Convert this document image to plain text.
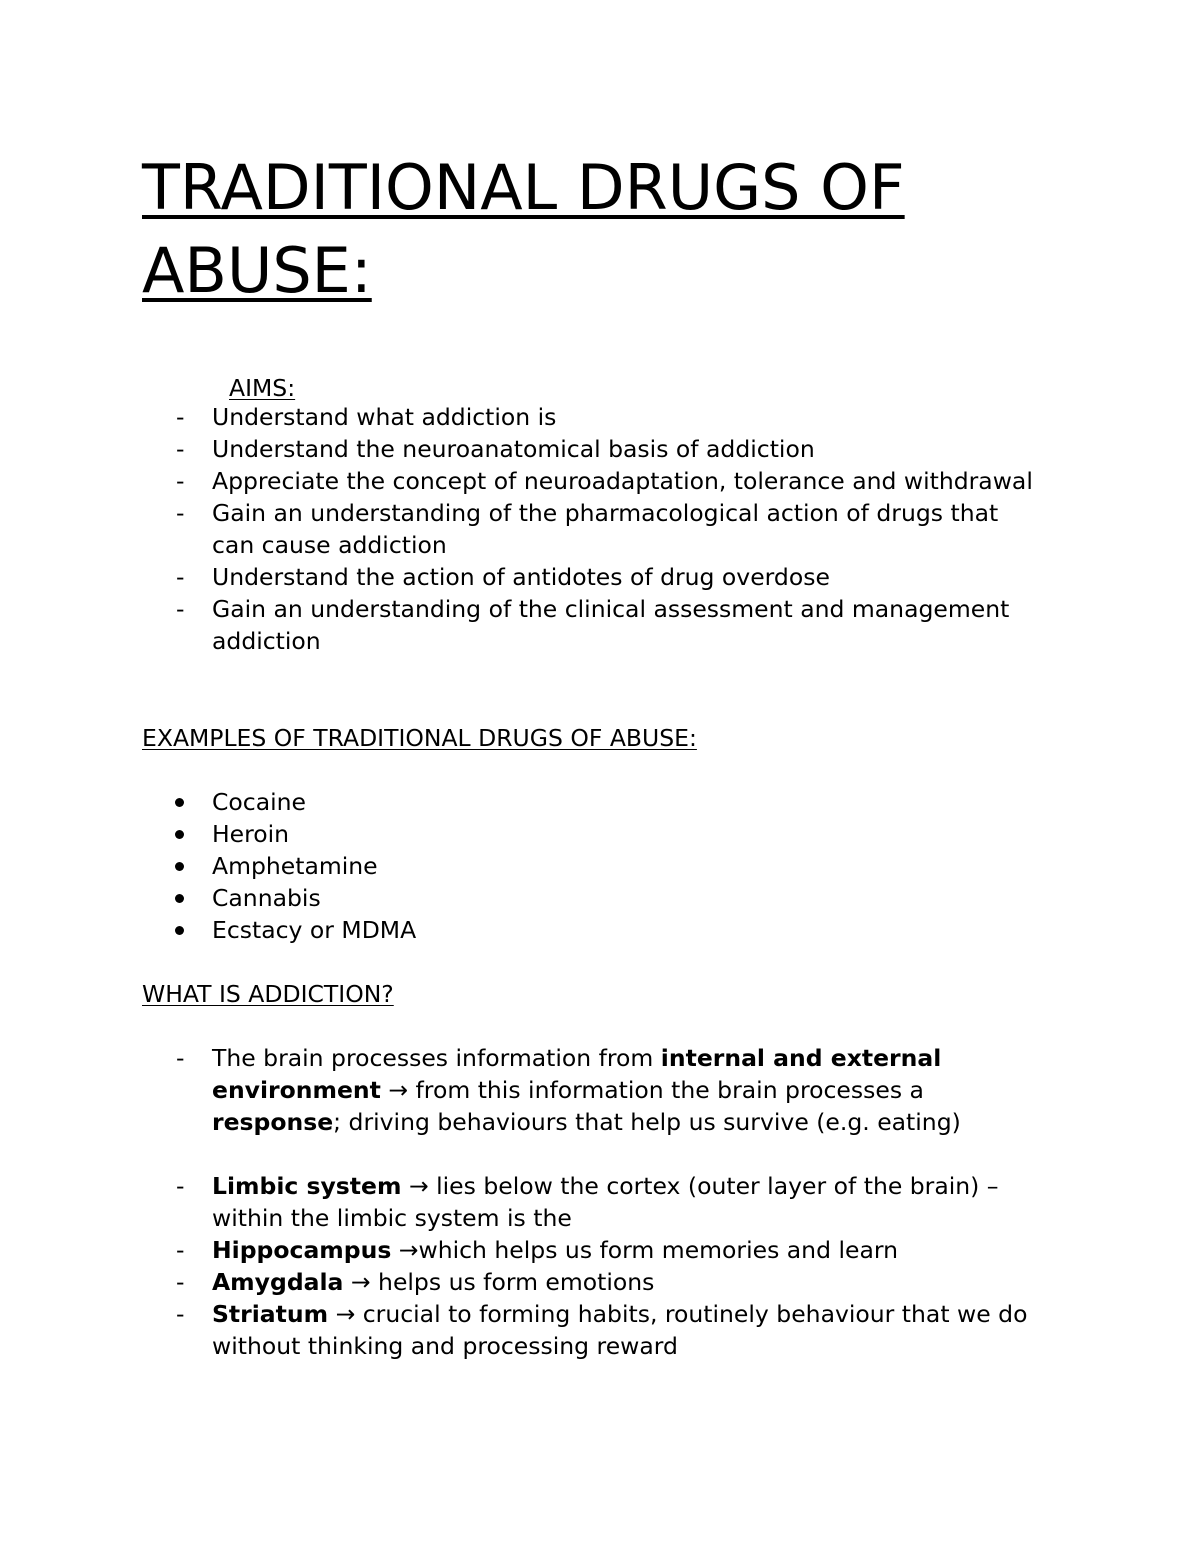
TRADITIONAL DRUGS OF ABUSE:
AIMS:
- Understand what addiction is
- Understand the neuroanatomical basis of addiction
- Appreciate the concept of neuroadaptation, tolerance and withdrawal
- Gain an understanding of the pharmacological action of drugs that can cause addiction
- Understand the action of antidotes of drug overdose
- Gain an understanding of the clinical assessment and management addiction
EXAMPLES OF TRADITIONAL DRUGS OF ABUSE:
Cocaine
Heroin
Amphetamine
Cannabis
Ecstacy or MDMA
WHAT IS ADDICTION?
- The brain processes information from internal and external environment → from this information the brain processes a response; driving behaviours that help us survive (e.g. eating)
- Limbic system → lies below the cortex (outer layer of the brain) – within the limbic system is the
- Hippocampus →which helps us form memories and learn
- Amygdala → helps us form emotions
- Striatum → crucial to forming habits, routinely behaviour that we do without thinking and processing reward
